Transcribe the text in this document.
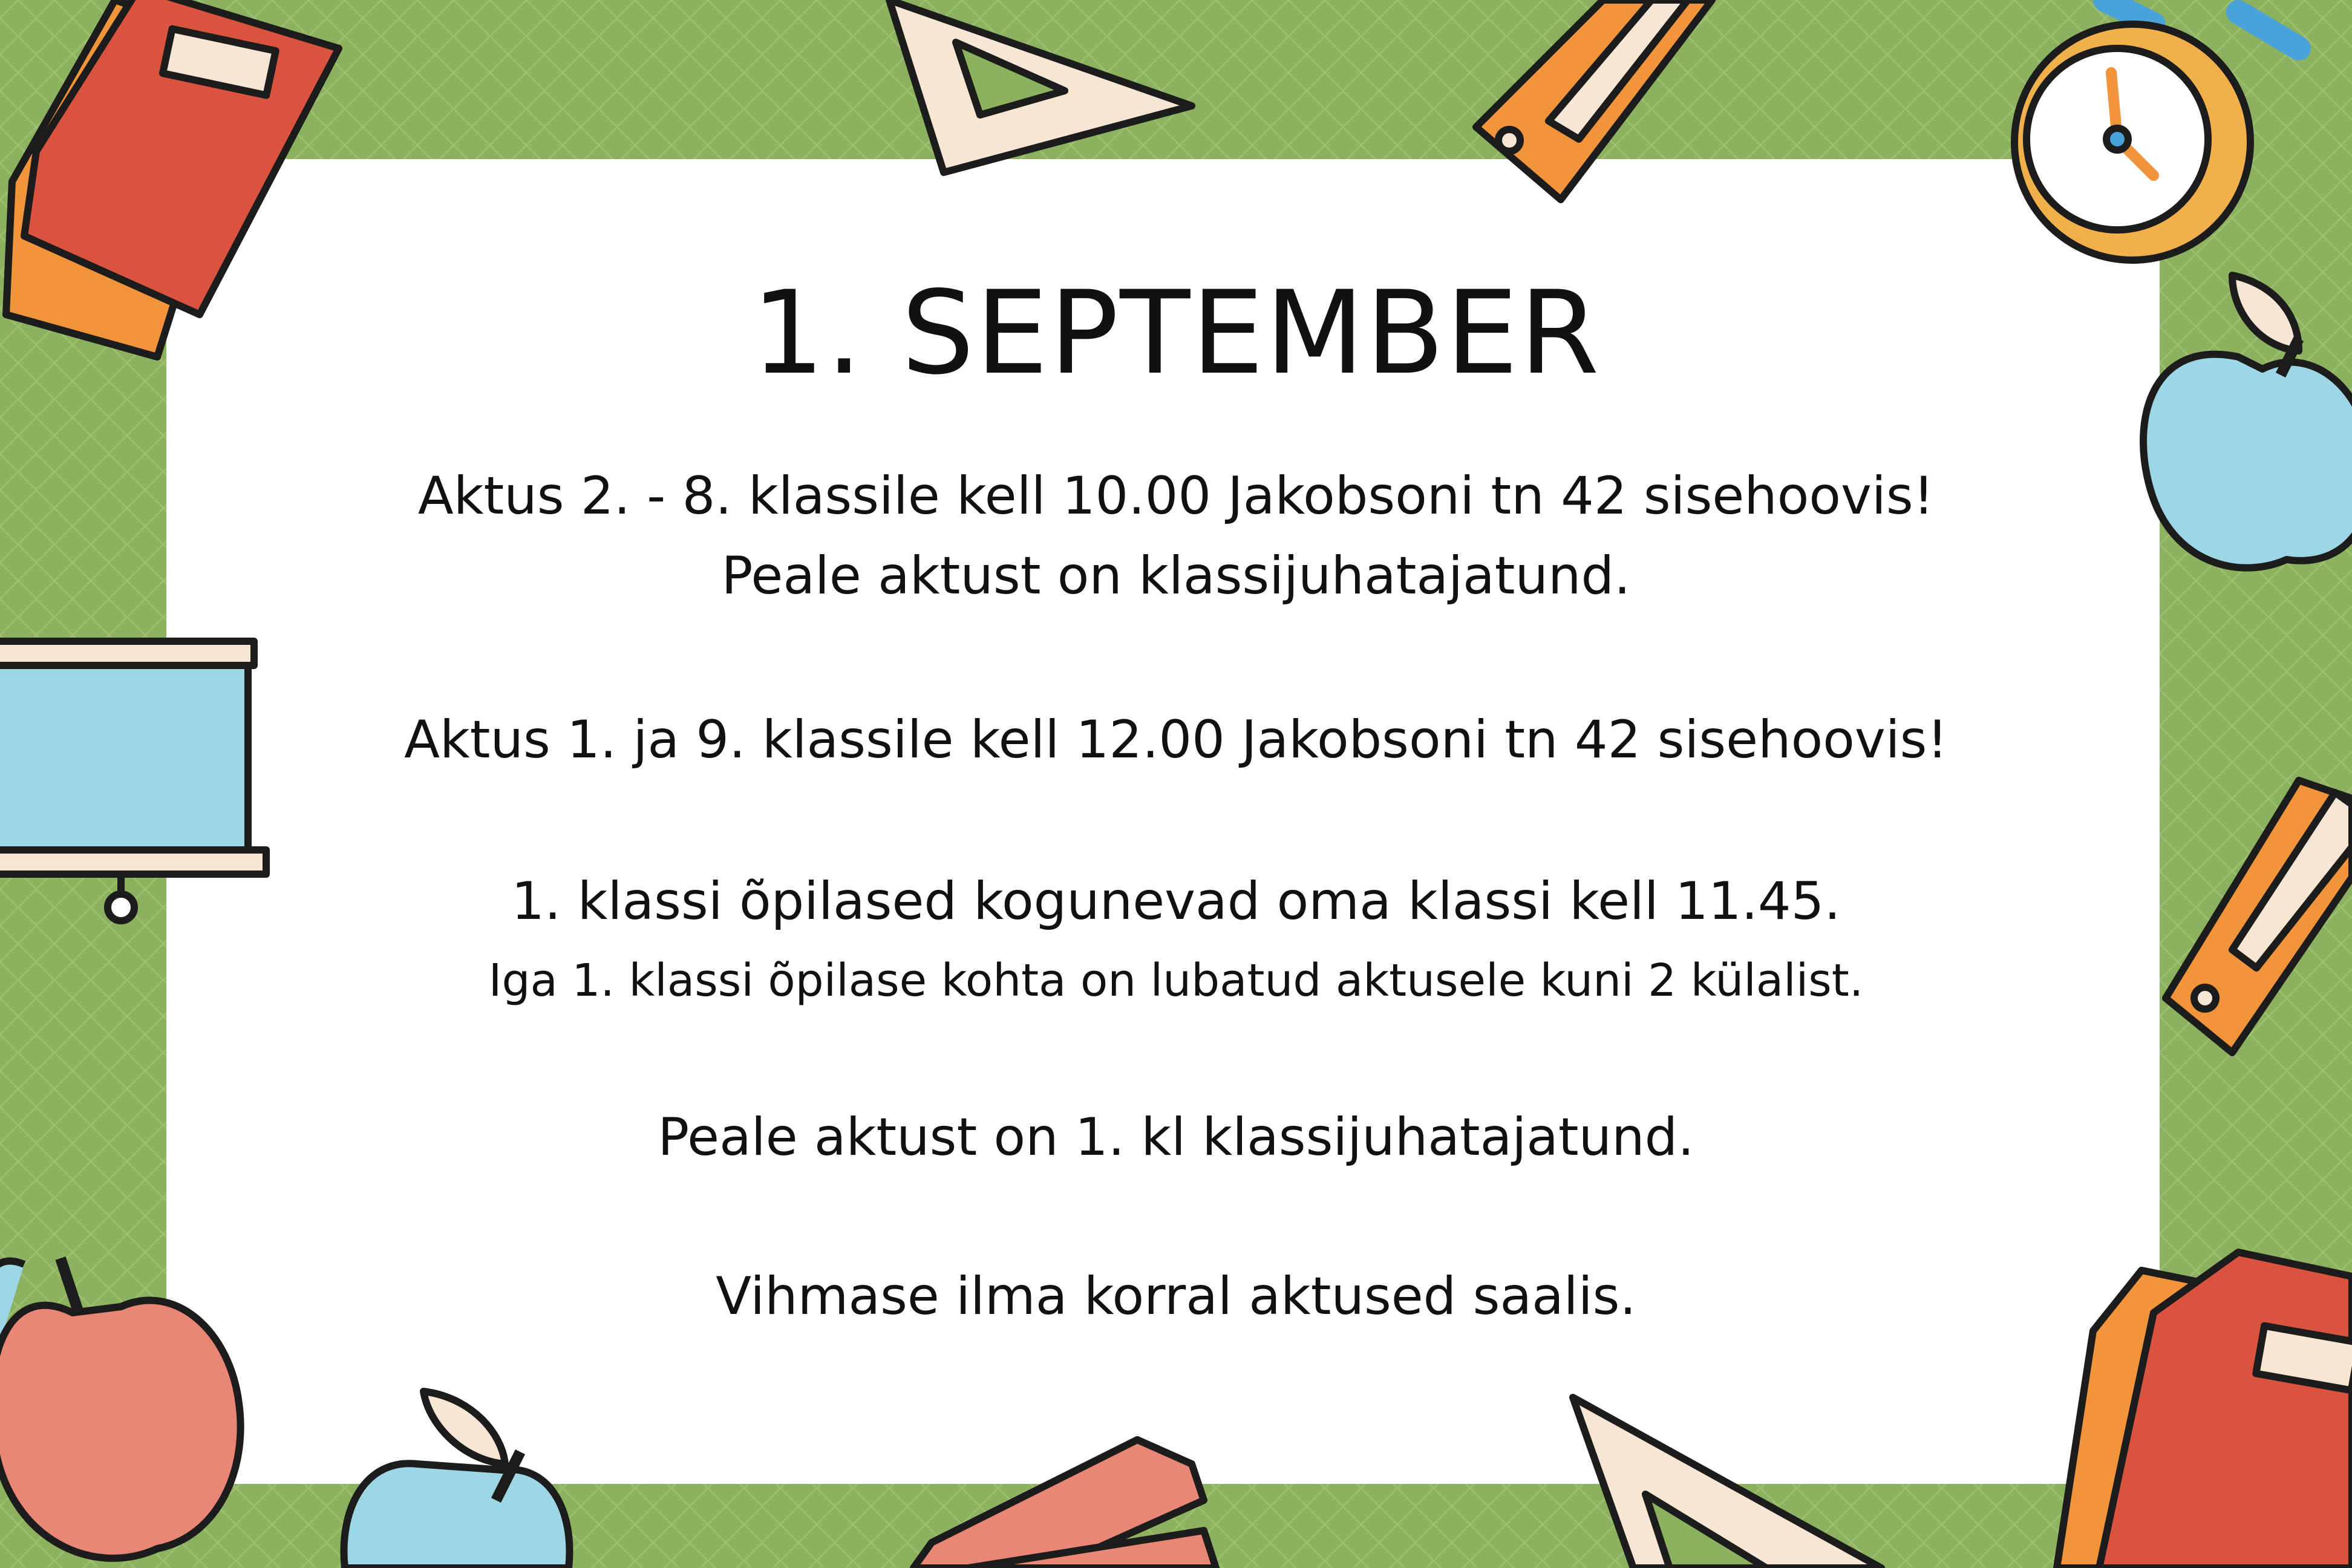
1. SEPTEMBER
Aktus 2. - 8. klassile kell 10.00 Jakobsoni tn 42 sisehoovis!
Peale aktust on klassijuhatajatund.
Aktus 1. ja 9. klassile kell 12.00 Jakobsoni tn 42 sisehoovis!
1. klassi õpilased kogunevad oma klassi kell 11.45.
Iga 1. klassi õpilase kohta on lubatud aktusele kuni 2 külalist.
Peale aktust on 1. kl klassijuhatajatund.
Vihmase ilma korral aktused saalis.
